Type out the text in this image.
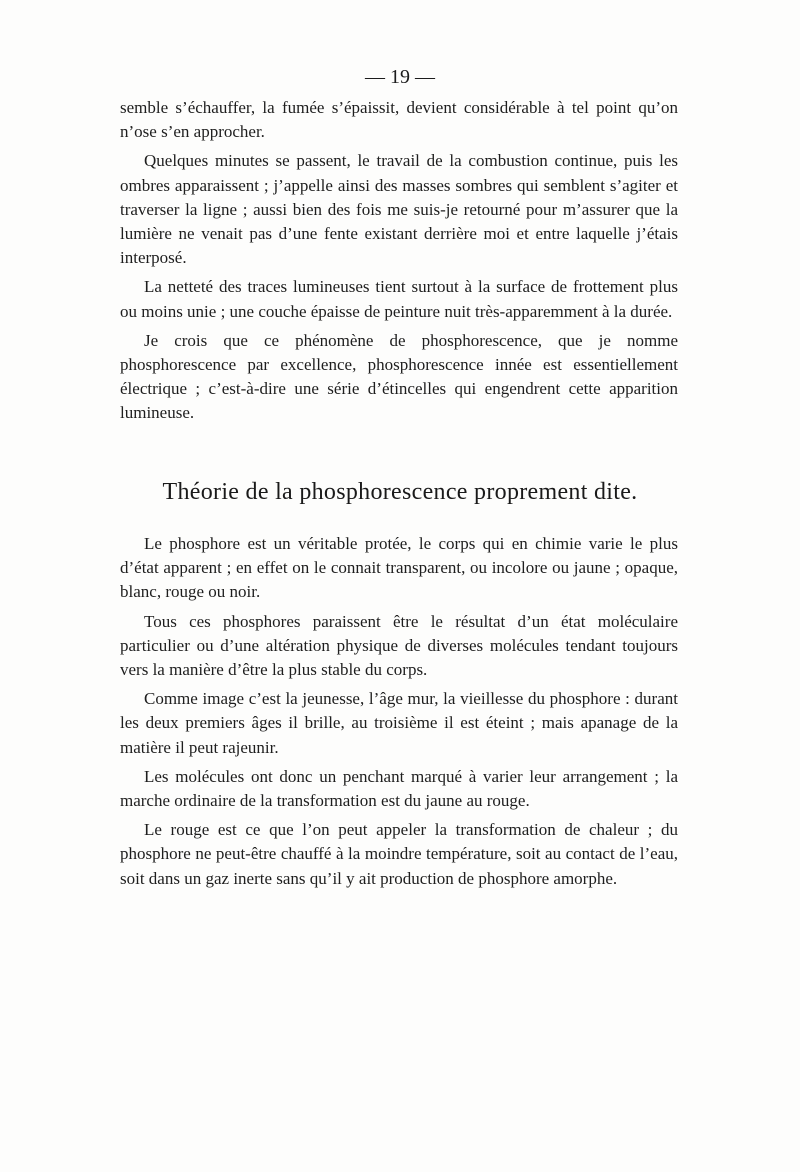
— 19 —

semble s’échauffer, la fumée s’épaissit, devient considérable à tel point qu’on n’ose s’en approcher.

Quelques minutes se passent, le travail de la combustion continue, puis les ombres apparaissent ; j’appelle ainsi des masses sombres qui semblent s’agiter et traverser la ligne ; aussi bien des fois me suis-je retourné pour m’assurer que la lumière ne venait pas d’une fente existant derrière moi et entre laquelle j’étais interposé.

La netteté des traces lumineuses tient surtout à la surface de frottement plus ou moins unie ; une couche épaisse de peinture nuit très-apparemment à la durée.

Je crois que ce phénomène de phosphorescence, que je nomme phosphorescence par excellence, phosphorescence innée est essentiellement électrique ; c’est-à-dire une série d’étincelles qui engendrent cette apparition lumineuse.

Théorie de la phosphorescence proprement dite.

Le phosphore est un véritable protée, le corps qui en chimie varie le plus d’état apparent ; en effet on le connait transparent, ou incolore ou jaune ; opaque, blanc, rouge ou noir.

Tous ces phosphores paraissent être le résultat d’un état moléculaire particulier ou d’une altération physique de diverses molécules tendant toujours vers la manière d’être la plus stable du corps.

Comme image c’est la jeunesse, l’âge mur, la vieillesse du phosphore : durant les deux premiers âges il brille, au troisième il est éteint ; mais apanage de la matière il peut rajeunir.

Les molécules ont donc un penchant marqué à varier leur arrangement ; la marche ordinaire de la transformation est du jaune au rouge.

Le rouge est ce que l’on peut appeler la transformation de chaleur ; du phosphore ne peut-être chauffé à la moindre température, soit au contact de l’eau, soit dans un gaz inerte sans qu’il y ait production de phosphore amorphe.
